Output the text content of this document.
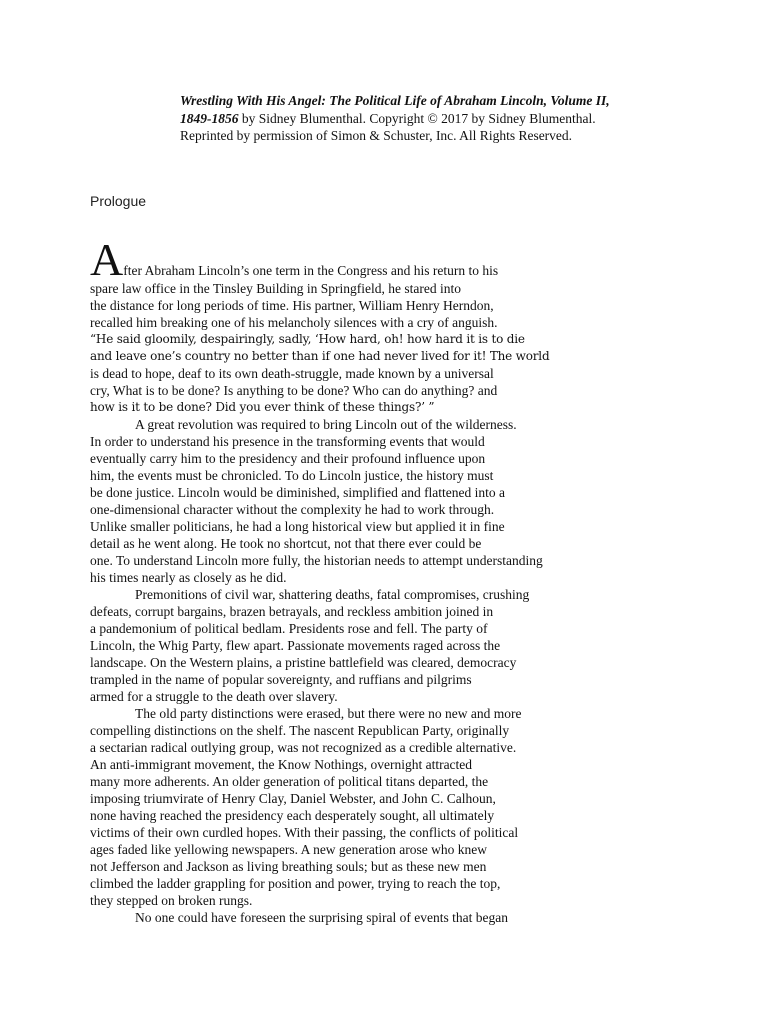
Wrestling With His Angel: The Political Life of Abraham Lincoln, Volume II, 1849-1856 by Sidney Blumenthal. Copyright © 2017 by Sidney Blumenthal. Reprinted by permission of Simon & Schuster, Inc. All Rights Reserved.
Prologue
After Abraham Lincoln’s one term in the Congress and his return to his
spare law office in the Tinsley Building in Springfield, he stared into
the distance for long periods of time. His partner, William Henry Herndon,
recalled him breaking one of his melancholy silences with a cry of anguish.
“He said gloomily, despairingly, sadly, ‘How hard, oh! how hard it is to die
and leave one’s country no better than if one had never lived for it! The world
is dead to hope, deaf to its own death-struggle, made known by a universal
cry, What is to be done? Is anything to be done? Who can do anything? and
how is it to be done? Did you ever think of these things?’ ”
A great revolution was required to bring Lincoln out of the wilderness.
In order to understand his presence in the transforming events that would
eventually carry him to the presidency and their profound influence upon
him, the events must be chronicled. To do Lincoln justice, the history must
be done justice. Lincoln would be diminished, simplified and flattened into a
one-dimensional character without the complexity he had to work through.
Unlike smaller politicians, he had a long historical view but applied it in fine
detail as he went along. He took no shortcut, not that there ever could be
one. To understand Lincoln more fully, the historian needs to attempt understanding
his times nearly as closely as he did.
Premonitions of civil war, shattering deaths, fatal compromises, crushing
defeats, corrupt bargains, brazen betrayals, and reckless ambition joined in
a pandemonium of political bedlam. Presidents rose and fell. The party of
Lincoln, the Whig Party, flew apart. Passionate movements raged across the
landscape. On the Western plains, a pristine battlefield was cleared, democracy
trampled in the name of popular sovereignty, and ruffians and pilgrims
armed for a struggle to the death over slavery.
The old party distinctions were erased, but there were no new and more
compelling distinctions on the shelf. The nascent Republican Party, originally
a sectarian radical outlying group, was not recognized as a credible alternative.
An anti-immigrant movement, the Know Nothings, overnight attracted
many more adherents. An older generation of political titans departed, the
imposing triumvirate of Henry Clay, Daniel Webster, and John C. Calhoun,
none having reached the presidency each desperately sought, all ultimately
victims of their own curdled hopes. With their passing, the conflicts of political
ages faded like yellowing newspapers. A new generation arose who knew
not Jefferson and Jackson as living breathing souls; but as these new men
climbed the ladder grappling for position and power, trying to reach the top,
they stepped on broken rungs.
No one could have foreseen the surprising spiral of events that began
